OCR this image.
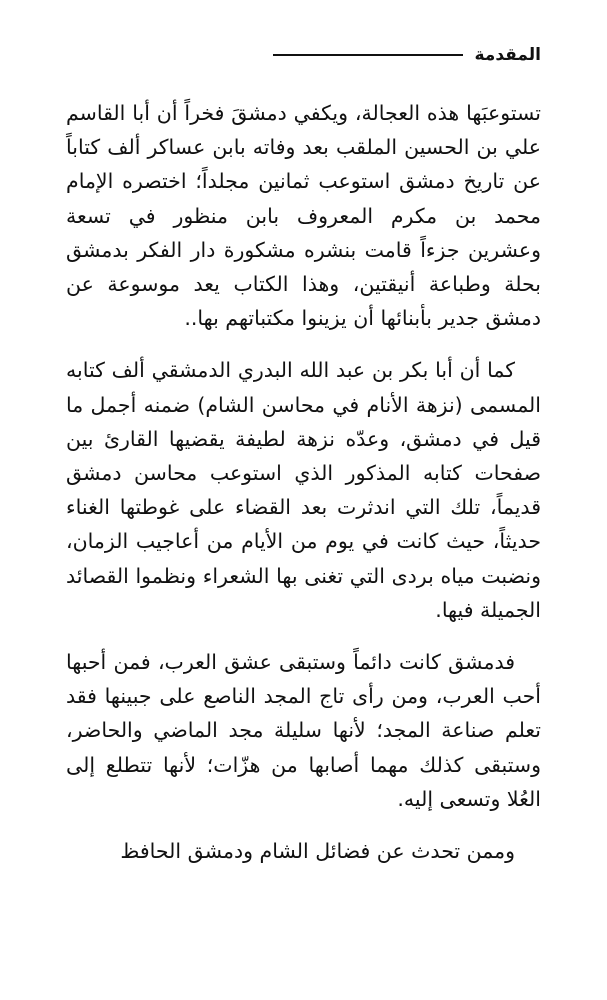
المقدمة

تستوعبَها هذه العجالة، ويكفي دمشقَ فخراً أن أبا القاسم علي بن الحسين الملقب بعد وفاته بابن عساكر ألف كتاباً عن تاريخ دمشق استوعب ثمانين مجلداً؛ اختصره الإمام محمد بن مكرم المعروف بابن منظور في تسعة وعشرين جزءاً قامت بنشره مشكورة دار الفكر بدمشق بحلة وطباعة أنيقتين، وهذا الكتاب يعد موسوعة عن دمشق جدير بأبنائها أن يزينوا مكتباتهم بها..

كما أن أبا بكر بن عبد الله البدري الدمشقي ألف كتابه المسمى (نزهة الأنام في محاسن الشام) ضمنه أجمل ما قيل في دمشق، وعدّه نزهة لطيفة يقضيها القارئ بين صفحات كتابه المذكور الذي استوعب محاسن دمشق قديماً، تلك التي اندثرت بعد القضاء على غوطتها الغناء حديثاً، حيث كانت في يوم من الأيام من أعاجيب الزمان، ونضبت مياه بردى التي تغنى بها الشعراء ونظموا القصائد الجميلة فيها.

فدمشق كانت دائماً وستبقى عشق العرب، فمن أحبها أحب العرب، ومن رأى تاج المجد الناصع على جبينها فقد تعلم صناعة المجد؛ لأنها سليلة مجد الماضي والحاضر، وستبقى كذلك مهما أصابها من هزّات؛ لأنها تتطلع إلى العُلا وتسعى إليه.

وممن تحدث عن فضائل الشام ودمشق الحافظ
